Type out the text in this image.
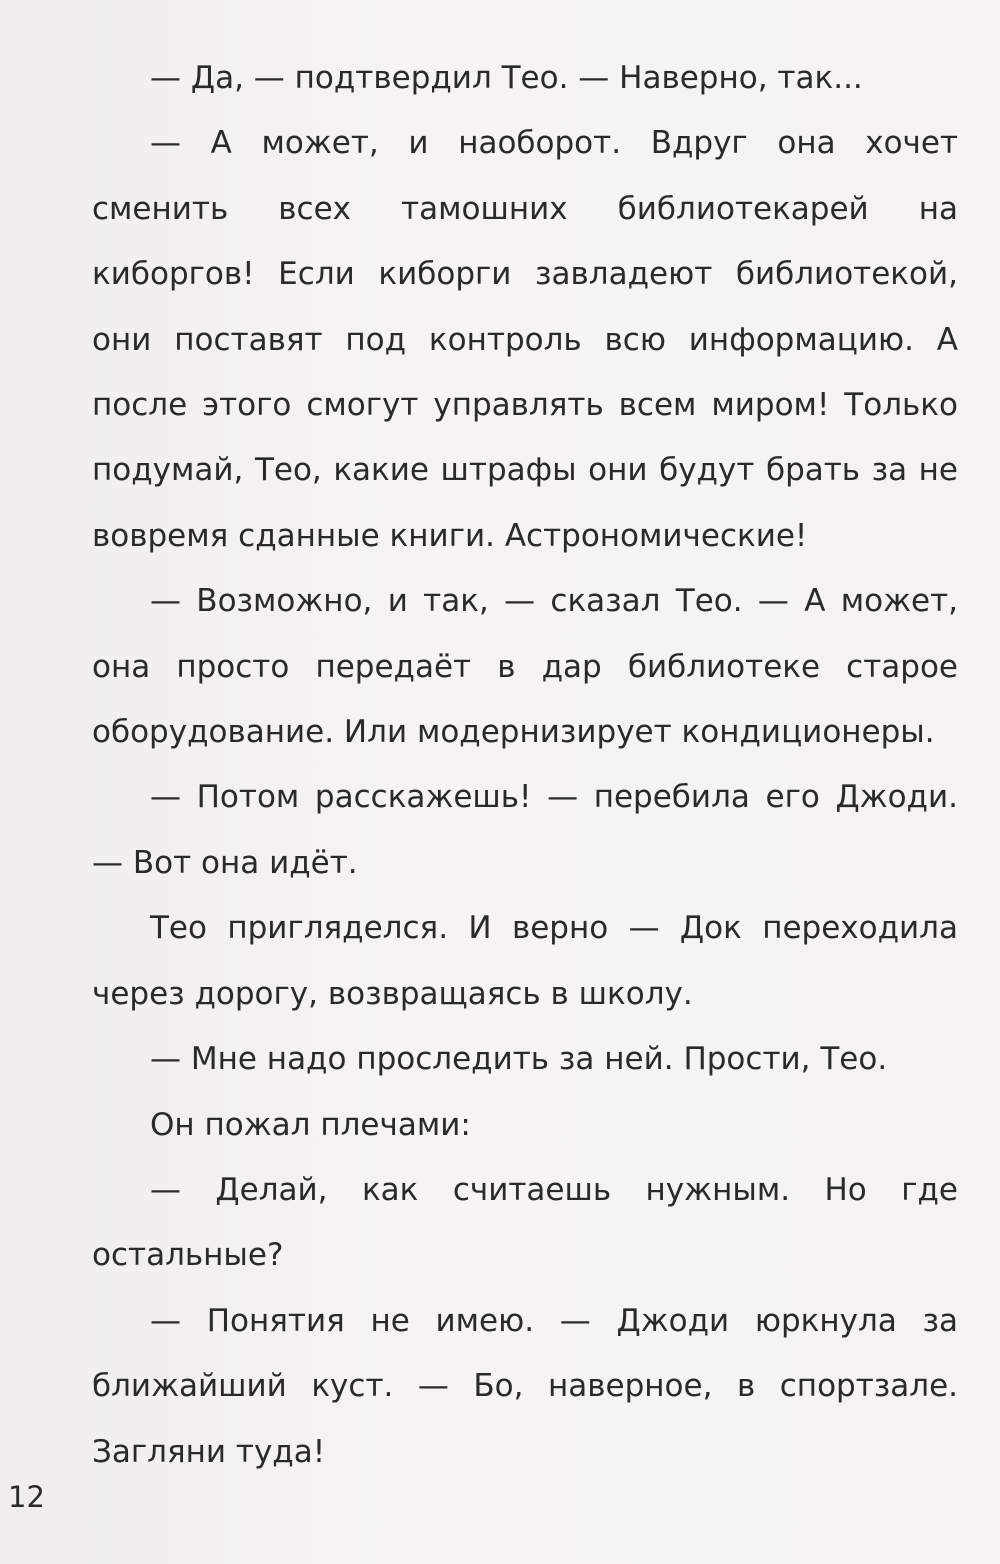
— Да, — подтвердил Тео. — Наверно, так...

— А может, и наоборот. Вдруг она хочет сменить всех тамошних библиотекарей на киборгов! Если киборги завладеют библиотекой, они поставят под контроль всю информацию. А после этого смогут управлять всем миром! Только подумай, Тео, какие штрафы они будут брать за не вовремя сданные книги. Астрономические!

— Возможно, и так, — сказал Тео. — А может, она просто передаёт в дар библиотеке старое оборудование. Или модернизирует кондиционеры.

— Потом расскажешь! — перебила его Джоди. — Вот она идёт.

Тео пригляделся. И верно — Док переходила через дорогу, возвращаясь в школу.

— Мне надо проследить за ней. Прости, Тео.

Он пожал плечами:

— Делай, как считаешь нужным. Но где остальные?

— Понятия не имею. — Джоди юркнула за ближайший куст. — Бо, наверное, в спортзале. Загляни туда!

12
